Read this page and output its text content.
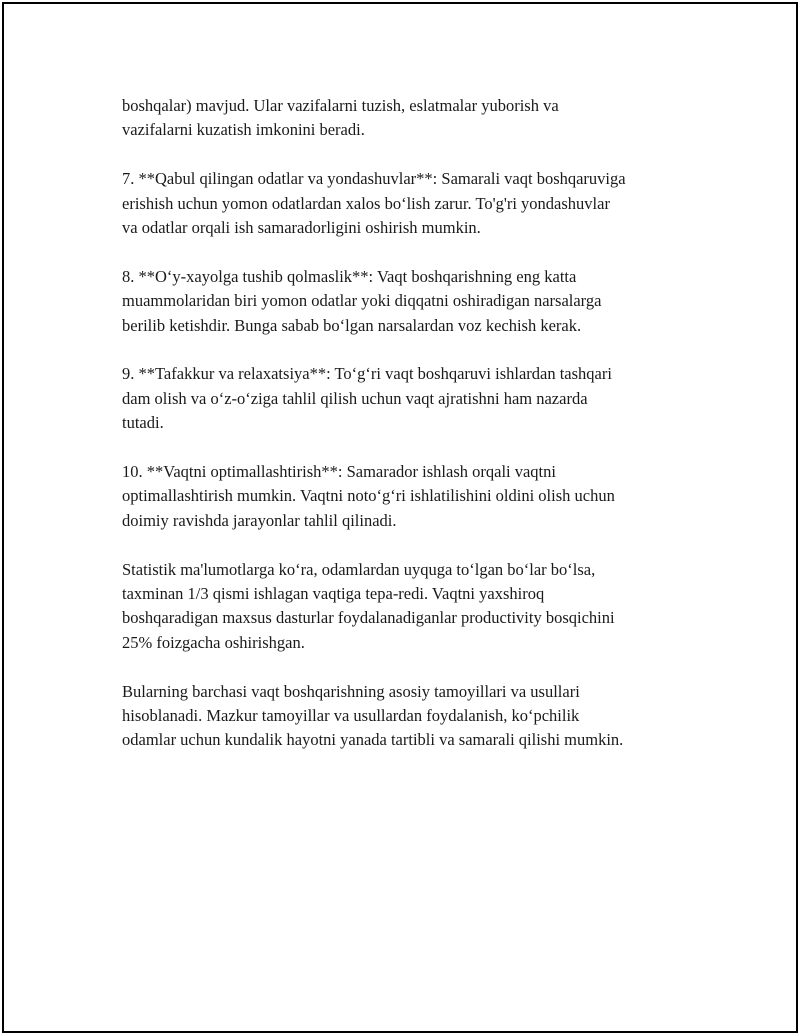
boshqalar) mavjud. Ular vazifalarni tuzish, eslatmalar yuborish va
vazifalarni kuzatish imkonini beradi.

7. **Qabul qilingan odatlar va yondashuvlar**: Samarali vaqt boshqaruviga
erishish uchun yomon odatlardan xalos bo‘lish zarur. To'g'ri yondashuvlar
va odatlar orqali ish samaradorligini oshirish mumkin.

8. **O‘y-xayolga tushib qolmaslik**: Vaqt boshqarishning eng katta
muammolaridan biri yomon odatlar yoki diqqatni oshiradigan narsalarga
berilib ketishdir. Bunga sabab bo‘lgan narsalardan voz kechish kerak.

9. **Tafakkur va relaxatsiya**: To‘g‘ri vaqt boshqaruvi ishlardan tashqari
dam olish va o‘z-o‘ziga tahlil qilish uchun vaqt ajratishni ham nazarda
tutadi.

10. **Vaqtni optimallashtirish**: Samarador ishlash orqali vaqtni
optimallashtirish mumkin. Vaqtni noto‘g‘ri ishlatilishini oldini olish uchun
doimiy ravishda jarayonlar tahlil qilinadi.

Statistik ma'lumotlarga ko‘ra, odamlardan uyquga to‘lgan bo‘lar bo‘lsa,
taxminan 1/3 qismi ishlagan vaqtiga tepa-redi. Vaqtni yaxshiroq
boshqaradigan maxsus dasturlar foydalanadiganlar productivity bosqichini
25% foizgacha oshirishgan.

Bularning barchasi vaqt boshqarishning asosiy tamoyillari va usullari
hisoblanadi. Mazkur tamoyillar va usullardan foydalanish, ko‘pchilik
odamlar uchun kundalik hayotni yanada tartibli va samarali qilishi mumkin.
